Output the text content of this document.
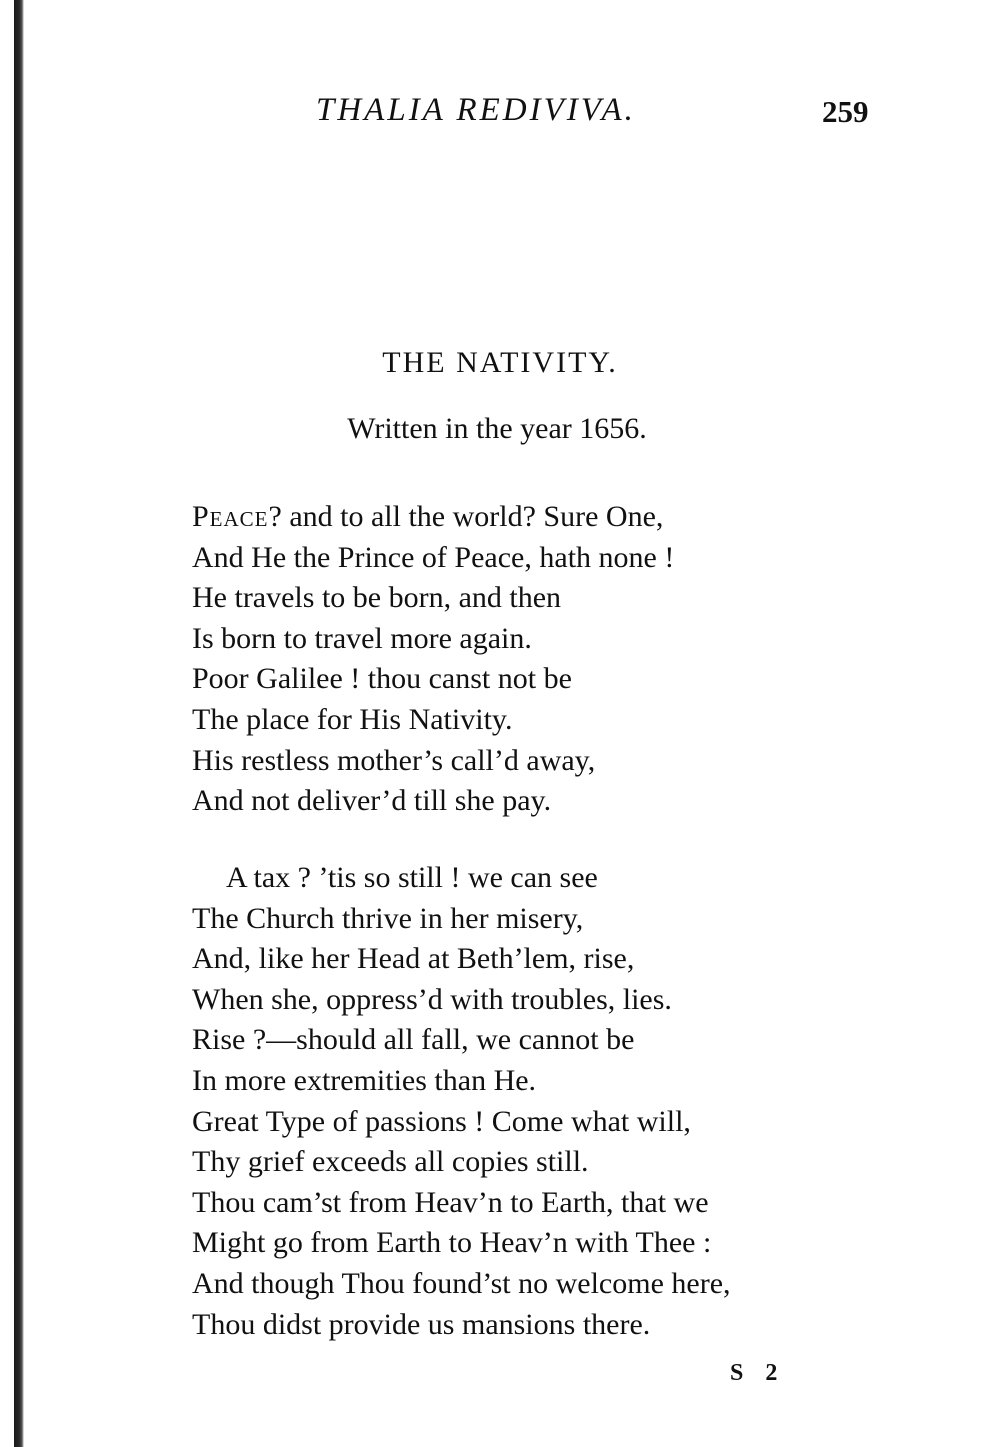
THALIA REDIVIVA.	259
THE NATIVITY.
Written in the year 1656.
Peace? and to all the world? Sure One,
And He the Prince of Peace, hath none !
He travels to be born, and then
Is born to travel more again.
Poor Galilee ! thou canst not be
The place for His Nativity.
His restless mother’s call’d away,
And not deliver’d till she pay.
A tax ? ’tis so still ! we can see
The Church thrive in her misery,
And, like her Head at Beth’lem, rise,
When she, oppress’d with troubles, lies.
Rise ?—should all fall, we cannot be
In more extremities than He.
Great Type of passions ! Come what will,
Thy grief exceeds all copies still.
Thou cam’st from Heav’n to Earth, that we
Might go from Earth to Heav’n with Thee :
And though Thou found’st no welcome here,
Thou didst provide us mansions there.
S 2
